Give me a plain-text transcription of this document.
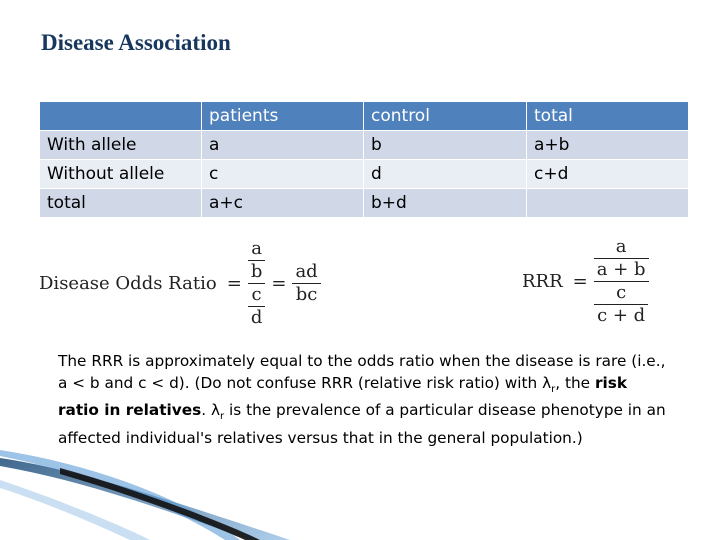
Disease Association
	patients	control	total
With allele	a	b	a+b
Without allele	c	d	c+d
total	a+c	b+d	
Disease Odds Ratio = $\frac{\frac{a}{b}}{\frac{c}{d}} = \frac{ad}{bc}$	RRR = $\frac{\frac{a}{a + b}}{\frac{c}{c + d}}$
The RRR is approximately equal to the odds ratio when the disease is rare (i.e., a < b and c < d). (Do not confuse RRR (relative risk ratio) with $\lambda_r$, the risk ratio in relatives. $\lambda_r$ is the prevalence of a particular disease phenotype in an affected individual's relatives versus that in the general population.)
